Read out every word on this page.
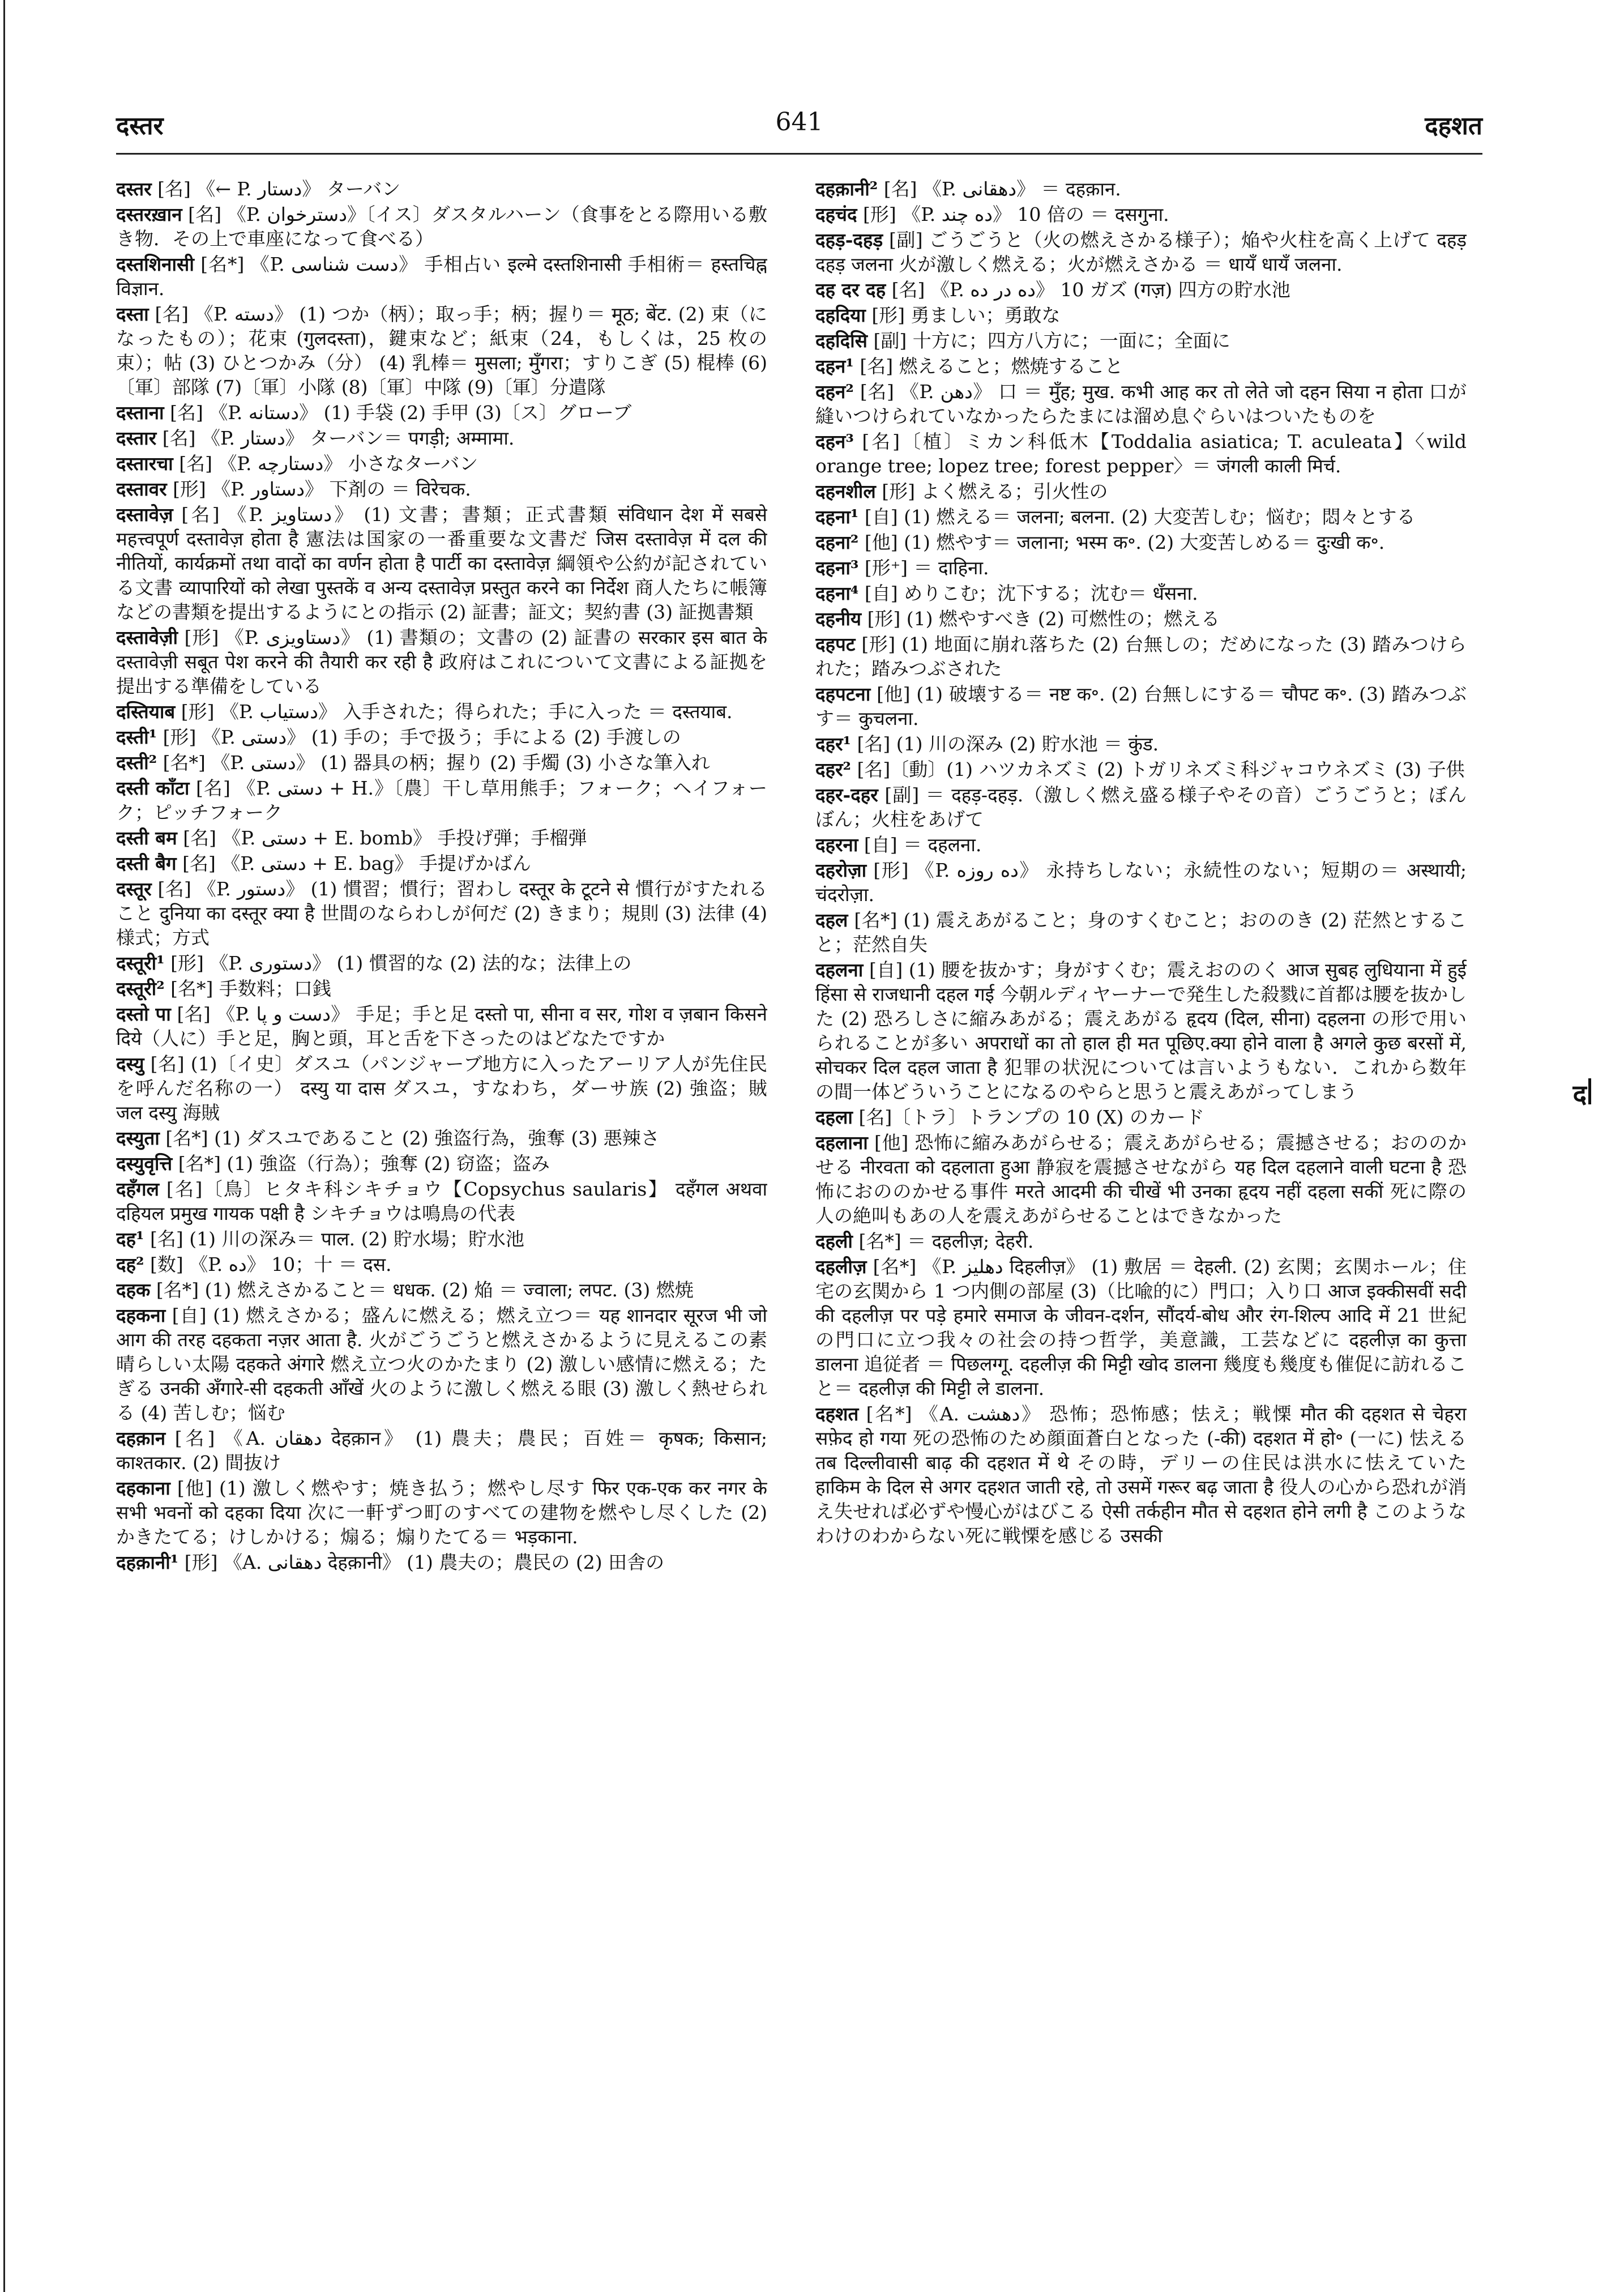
दस्तर	641	दहशत

दस्तर [名] 《← P. دستار》 ターバン

दस्तरख़ान [名] 《P. دسترخوان》〔イス〕ダスタルハーン（食事をとる際用いる敷き物．その上で車座になって食べる）

दस्तशिनासी [名*] 《P. دست شناسی》 手相占い इल्मे दस्तशिनासी 手相術＝ हस्तचिह्न विज्ञान.

दस्ता [名] 《P. دسته》 (1) つか（柄）；取っ手；柄；握り＝ मूठ; बेंट. (2) 束（になったもの）；花束 (गुलदस्ता)，鍵束など；紙束（24，もしくは，25 枚の束）；帖 (3) ひとつかみ（分） (4) 乳棒＝ मुसला; मुँगरा；すりこぎ (5) 棍棒 (6)〔軍〕部隊 (7)〔軍〕小隊 (8)〔軍〕中隊 (9)〔軍〕分遣隊

दस्ताना [名] 《P. دستانه》 (1) 手袋 (2) 手甲 (3)〔ス〕グローブ

दस्तार [名] 《P. دستار》 ターバン＝ पगड़ी; अम्मामा.

दस्तारचा [名] 《P. دستارچه》 小さなターバン

दस्तावर [形] 《P. دستاور》 下剤の ＝ विरेचक.

दस्तावेज़ [名] 《P. دستاویز》 (1) 文書；書類；正式書類 संविधान देश में सबसे महत्त्वपूर्ण दस्तावेज़ होता है 憲法は国家の一番重要な文書だ जिस दस्तावेज़ में दल की नीतियों, कार्यक्रमों तथा वादों का वर्णन होता है पार्टी का दस्तावेज़ 綱領や公約が記されている文書 व्यापारियों को लेखा पुस्तकें व अन्य दस्तावेज़ प्रस्तुत करने का निर्देश 商人たちに帳簿などの書類を提出するようにとの指示 (2) 証書；証文；契約書 (3) 証拠書類

दस्तावेज़ी [形] 《P. دستاویزی》 (1) 書類の；文書の (2) 証書の सरकार इस बात के दस्तावेज़ी सबूत पेश करने की तैयारी कर रही है 政府はこれについて文書による証拠を提出する準備をしている

दस्तियाब [形] 《P. دستیاب》 入手された；得られた；手に入った ＝ दस्तयाब.

दस्ती¹ [形] 《P. دستی》 (1) 手の；手で扱う；手による (2) 手渡しの

दस्ती² [名*] 《P. دستی》 (1) 器具の柄；握り (2) 手燭 (3) 小さな筆入れ

दस्ती काँटा [名] 《P. دستی + H.》〔農〕干し草用熊手；フォーク；ヘイフォーク；ピッチフォーク

दस्ती बम [名] 《P. دستی + E. bomb》 手投げ弾；手榴弾

दस्ती बैग [名] 《P. دستی + E. bag》 手提げかばん

दस्तूर [名] 《P. دستور》 (1) 慣習；慣行；習わし दस्तूर के टूटने से 慣行がすたれること दुनिया का दस्तूर क्या है 世間のならわしが何だ (2) きまり；規則 (3) 法律 (4) 様式；方式

दस्तूरी¹ [形] 《P. دستوری》 (1) 慣習的な (2) 法的な；法律上の

दस्तूरी² [名*] 手数料；口銭

दस्तो पा [名] 《P. دست و پا》 手足；手と足 दस्तो पा, सीना व सर, गोश व ज़बान किसने दिये（人に）手と足，胸と頭，耳と舌を下さったのはどなたですか

दस्यु [名] (1)〔イ史〕ダスユ（パンジャーブ地方に入ったアーリア人が先住民を呼んだ名称の一） दस्यु या दास ダスユ，すなわち，ダーサ族 (2) 強盗；賊 जल दस्यु 海賊

दस्युता [名*] (1) ダスユであること (2) 強盗行為，強奪 (3) 悪辣さ

दस्युवृत्ति [名*] (1) 強盗（行為）；強奪 (2) 窃盗；盗み

दहँगल [名]〔鳥〕ヒタキ科シキチョウ【Copsychus saularis】 दहँगल अथवा दहियल प्रमुख गायक पक्षी है シキチョウは鳴鳥の代表

दह¹ [名] (1) 川の深み＝ पाल. (2) 貯水場；貯水池

दह² [数] 《P. ده》 10；十 ＝ दस.

दहक [名*] (1) 燃えさかること＝ धधक. (2) 焔 ＝ ज्वाला; लपट. (3) 燃焼

दहकना [自] (1) 燃えさかる；盛んに燃える；燃え立つ＝ यह शानदार सूरज भी जो आग की तरह दहकता नज़र आता है. 火がごうごうと燃えさかるように見えるこの素晴らしい太陽 दहकते अंगारे 燃え立つ火のかたまり (2) 激しい感情に燃える；たぎる उनकी अँगारे-सी दहकती आँखें 火のように激しく燃える眼 (3) 激しく熱せられる (4) 苦しむ；悩む

दहक़ान [名] 《A. دهقان देहक़ान》 (1) 農夫；農民；百姓＝ कृषक; किसान; काश्तकार. (2) 間抜け

दहकाना [他] (1) 激しく燃やす；焼き払う；燃やし尽す फिर एक-एक कर नगर के सभी भवनों को दहका दिया 次に一軒ずつ町のすべての建物を燃やし尽くした (2) かきたてる；けしかける；煽る；煽りたてる＝ भड़काना.

दहक़ानी¹ [形] 《A. دهقانی देहक़ानी》 (1) 農夫の；農民の (2) 田舎の

दहक़ानी² [名] 《P. دهقانی》 ＝ दहक़ान.

दहचंद [形] 《P. ده چند》 10 倍の ＝ दसगुना.

दहड़-दहड़ [副] ごうごうと（火の燃えさかる様子）；焔や火柱を高く上げて दहड़ दहड़ जलना 火が激しく燃える；火が燃えさかる ＝ धायँ धायँ जलना.

दह दर दह [名] 《P. ده در ده》 10 ガズ (गज़) 四方の貯水池

दहदिया [形] 勇ましい；勇敢な

दहदिसि [副] 十方に；四方八方に；一面に；全面に

दहन¹ [名] 燃えること；燃焼すること

दहन² [名] 《P. دهن》 口 ＝ मुँह; मुख. कभी आह कर तो लेते जो दहन सिया न होता 口が縫いつけられていなかったらたまには溜め息ぐらいはついたものを

दहन³ [名]〔植〕ミカン科低木【Toddalia asiatica; T. aculeata】〈wild orange tree; lopez tree; forest pepper〉＝ जंगली काली मिर्च.

दहनशील [形] よく燃える；引火性の

दहना¹ [自] (1) 燃える＝ जलना; बलना. (2) 大変苦しむ；悩む；悶々とする

दहना² [他] (1) 燃やす＝ जलाना; भस्म क॰. (2) 大変苦しめる＝ दुःखी क॰.

दहना³ [形⁺] ＝ दाहिना.

दहना⁴ [自] めりこむ；沈下する；沈む＝ धँसना.

दहनीय [形] (1) 燃やすべき (2) 可燃性の；燃える

दहपट [形] (1) 地面に崩れ落ちた (2) 台無しの；だめになった (3) 踏みつけられた；踏みつぶされた

दहपटना [他] (1) 破壊する＝ नष्ट क॰. (2) 台無しにする＝ चौपट क॰. (3) 踏みつぶす＝ कुचलना.

दहर¹ [名] (1) 川の深み (2) 貯水池 ＝ कुंड.

दहर² [名]〔動〕(1) ハツカネズミ (2) トガリネズミ科ジャコウネズミ (3) 子供

दहर-दहर [副] ＝ दहड़-दहड़.（激しく燃え盛る様子やその音）ごうごうと；ぼんぼん；火柱をあげて

दहरना [自] ＝ दहलना.

दहरोज़ा [形] 《P. ده روزه》 永持ちしない；永続性のない；短期の＝ अस्थायी; चंदरोज़ा.

दहल [名*] (1) 震えあがること；身のすくむこと；おののき (2) 茫然とすること；茫然自失

दहलना [自] (1) 腰を抜かす；身がすくむ；震えおののく आज सुबह लुधियाना में हुई हिंसा से राजधानी दहल गई 今朝ルディヤーナーで発生した殺戮に首都は腰を抜かした (2) 恐ろしさに縮みあがる；震えあがる हृदय (दिल, सीना) दहलना の形で用いられることが多い अपराधों का तो हाल ही मत पूछिए.क्या होने वाला है अगले कुछ बरसों में, सोचकर दिल दहल जाता है 犯罪の状況については言いようもない．これから数年の間一体どういうことになるのやらと思うと震えあがってしまう

दहला [名]〔トラ〕トランプの 10 (X) のカード

दहलाना [他] 恐怖に縮みあがらせる；震えあがらせる；震撼させる；おののかせる नीरवता को दहलाता हुआ 静寂を震撼させながら यह दिल दहलाने वाली घटना है 恐怖におののかせる事件 मरते आदमी की चीखें भी उनका हृदय नहीं दहला सकीं 死に際の人の絶叫もあの人を震えあがらせることはできなかった

दहली [名*] ＝ दहलीज़; देहरी.

दहलीज़ [名*] 《P. دهلیز दिहलीज़》 (1) 敷居 ＝ देहली. (2) 玄関；玄関ホール；住宅の玄関から 1 つ内側の部屋 (3)（比喩的に）門口；入り口 आज इक्कीसवीं सदी की दहलीज़ पर पड़े हमारे समाज के जीवन-दर्शन, सौंदर्य-बोध और रंग-शिल्प आदि में 21 世紀の門口に立つ我々の社会の持つ哲学，美意識，工芸などに दहलीज़ का कुत्ता डालना 追従者 ＝ पिछलग्गू. दहलीज़ की मिट्टी खोद डालना 幾度も幾度も催促に訪れること＝ दहलीज़ की मिट्टी ले डालना.

दहशत [名*] 《A. دهشت》 恐怖；恐怖感；怯え；戦慄 मौत की दहशत से चेहरा सफ़ेद हो गया 死の恐怖のため顔面蒼白となった (-की) दहशत में हो॰ (一に) 怯える तब दिल्लीवासी बाढ़ की दहशत में थे その時，デリーの住民は洪水に怯えていた हाकिम के दिल से अगर दहशत जाती रहे, तो उसमें गरूर बढ़ जाता है 役人の心から恐れが消え失せれば必ずや慢心がはびこる ऐसी तर्कहीन मौत से दहशत होने लगी है このようなわけのわからない死に戦慄を感じる उसकी

द
